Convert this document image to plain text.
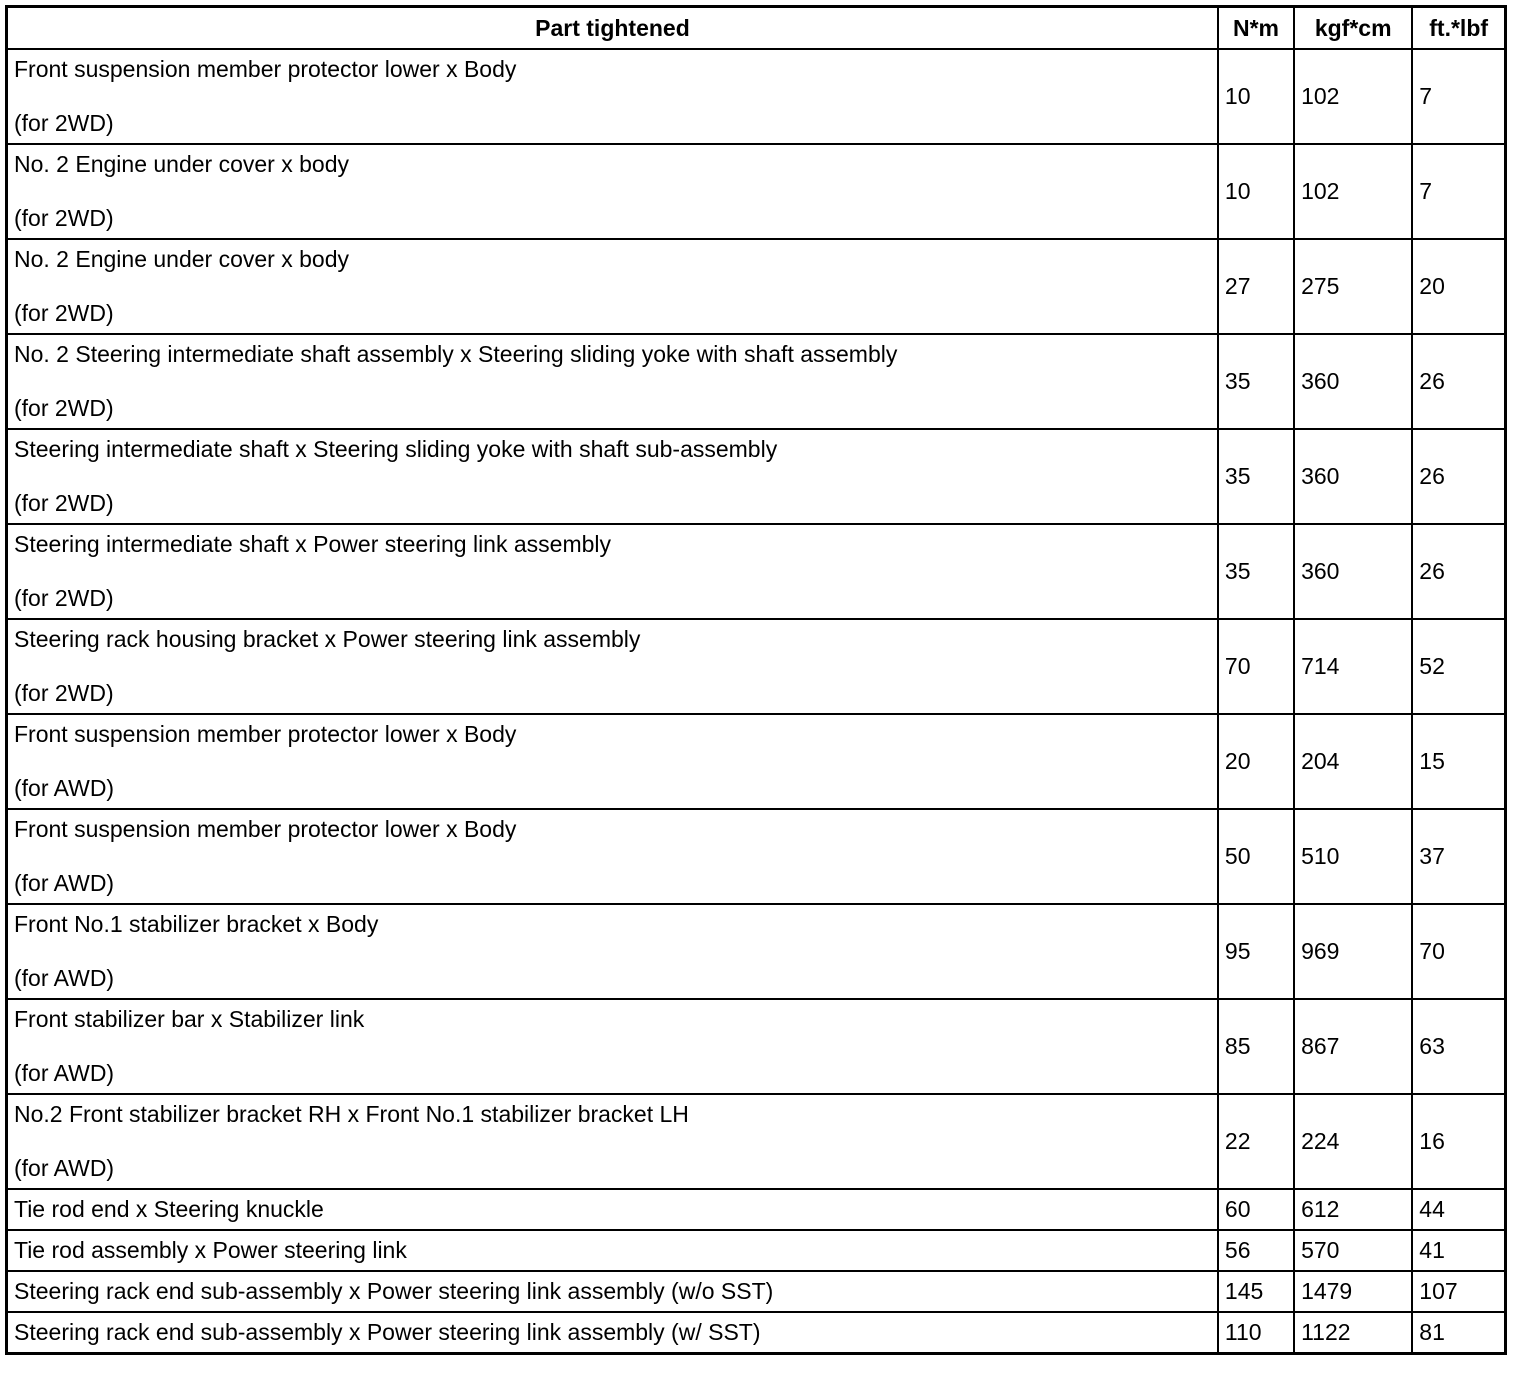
Part tightened	N*m	kgf*cm	ft.*lbf

Front suspension member protector lower x Body
(for 2WD)	10	102	7

No. 2 Engine under cover x body
(for 2WD)	10	102	7

No. 2 Engine under cover x body
(for 2WD)	27	275	20

No. 2 Steering intermediate shaft assembly x Steering sliding yoke with shaft assembly
(for 2WD)	35	360	26

Steering intermediate shaft x Steering sliding yoke with shaft sub-assembly
(for 2WD)	35	360	26

Steering intermediate shaft x Power steering link assembly
(for 2WD)	35	360	26

Steering rack housing bracket x Power steering link assembly
(for 2WD)	70	714	52

Front suspension member protector lower x Body
(for AWD)	20	204	15

Front suspension member protector lower x Body
(for AWD)	50	510	37

Front No.1 stabilizer bracket x Body
(for AWD)	95	969	70

Front stabilizer bar x Stabilizer link
(for AWD)	85	867	63

No.2 Front stabilizer bracket RH x Front No.1 stabilizer bracket LH
(for AWD)	22	224	16
Tie rod end x Steering knuckle	60	612	44
Tie rod assembly x Power steering link	56	570	41
Steering rack end sub-assembly x Power steering link assembly (w/o SST)	145	1479	107
Steering rack end sub-assembly x Power steering link assembly (w/ SST)	110	1122	81
